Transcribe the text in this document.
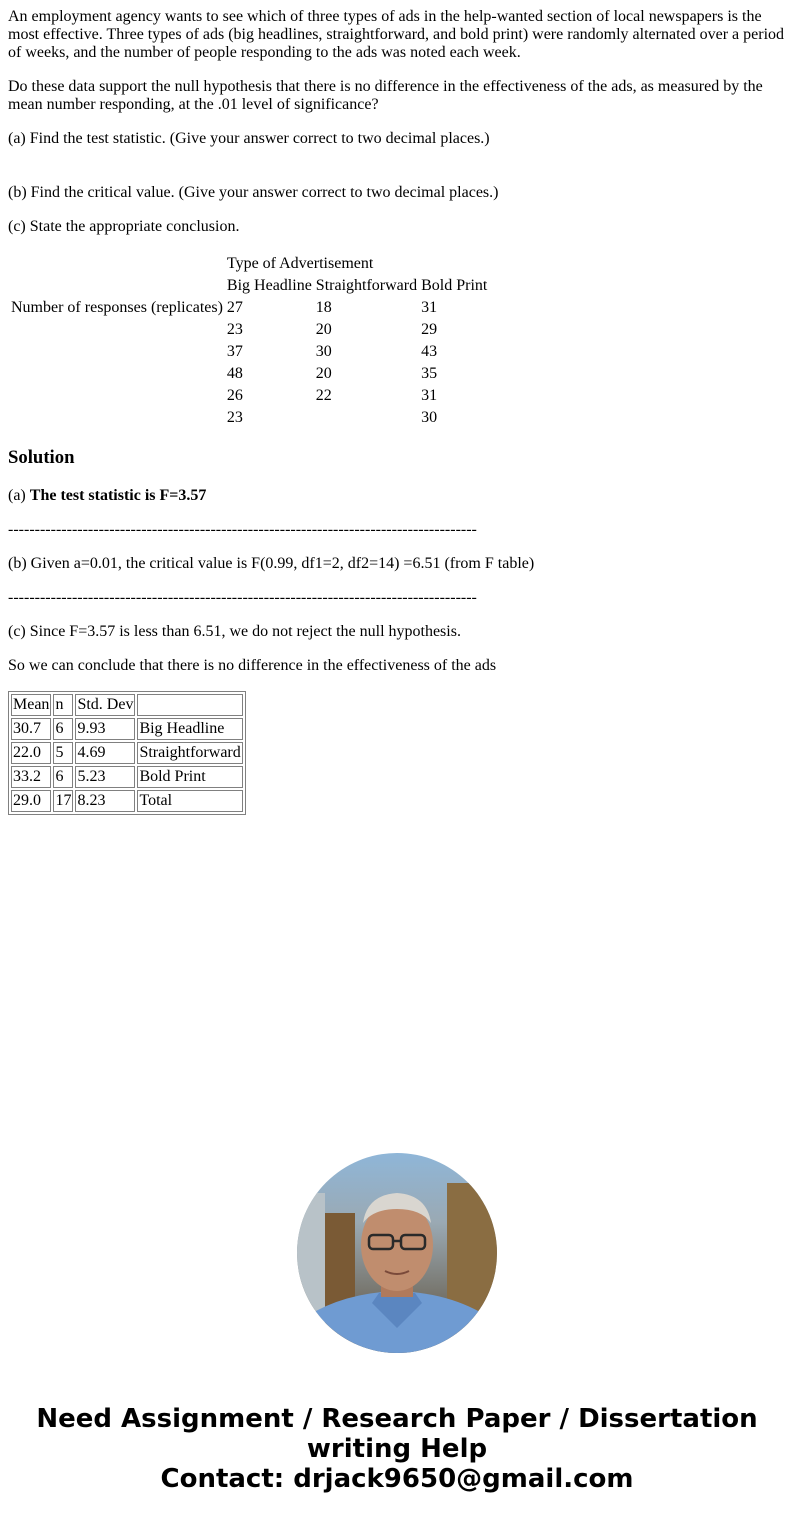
An employment agency wants to see which of three types of ads in the help-wanted section of local newspapers is the most effective. Three types of ads (big headlines, straightforward, and bold print) were randomly alternated over a period of weeks, and the number of people responding to the ads was noted each week.

Do these data support the null hypothesis that there is no difference in the effectiveness of the ads, as measured by the mean number responding, at the .01 level of significance?

(a) Find the test statistic. (Give your answer correct to two decimal places.)

(b) Find the critical value. (Give your answer correct to two decimal places.)

(c) State the appropriate conclusion.

	Type of Advertisement		
	Big Headline	Straightforward	Bold Print
Number of responses (replicates)	27	18	31
	23	20	29
	37	30	43
	48	20	35
	26	22	31
	23		30
Solution

(a) The test statistic is F=3.57

----------------------------------------------------------------------------------------

(b) Given a=0.01, the critical value is F(0.99, df1=2, df2=14) =6.51 (from F table)

----------------------------------------------------------------------------------------

(c) Since F=3.57 is less than 6.51, we do not reject the null hypothesis.

So we can conclude that there is no difference in the effectiveness of the ads

Mean	n	Std. Dev	
30.7	6	9.93	Big Headline
22.0	5	4.69	Straightforward
33.2	6	5.23	Bold Print
29.0	17	8.23	Total
Need Assignment / Research Paper / Dissertation
writing Help
Contact: drjack9650@gmail.com
